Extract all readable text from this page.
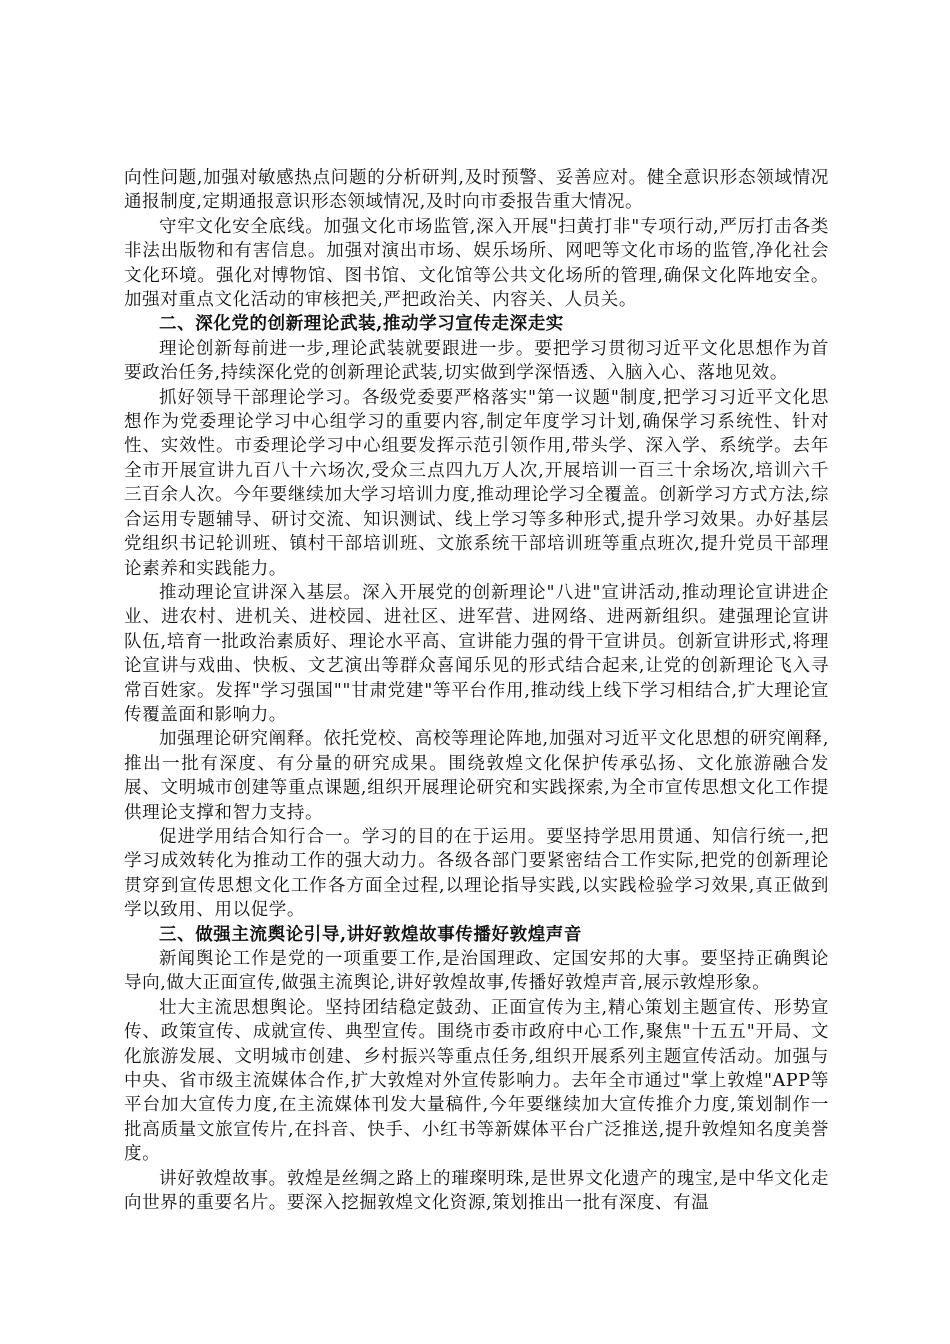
向性问题,加强对敏感热点问题的分析研判,及时预警、妥善应对。健全意识形态领域情况通报制度,定期通报意识形态领域情况,及时向市委报告重大情况。

守牢文化安全底线。加强文化市场监管,深入开展"扫黄打非"专项行动,严厉打击各类非法出版物和有害信息。加强对演出市场、娱乐场所、网吧等文化市场的监管,净化社会文化环境。强化对博物馆、图书馆、文化馆等公共文化场所的管理,确保文化阵地安全。加强对重点文化活动的审核把关,严把政治关、内容关、人员关。

二、深化党的创新理论武装,推动学习宣传走深走实

理论创新每前进一步,理论武装就要跟进一步。要把学习贯彻习近平文化思想作为首要政治任务,持续深化党的创新理论武装,切实做到学深悟透、入脑入心、落地见效。

抓好领导干部理论学习。各级党委要严格落实"第一议题"制度,把学习习近平文化思想作为党委理论学习中心组学习的重要内容,制定年度学习计划,确保学习系统性、针对性、实效性。市委理论学习中心组要发挥示范引领作用,带头学、深入学、系统学。去年全市开展宣讲九百八十六场次,受众三点四九万人次,开展培训一百三十余场次,培训六千三百余人次。今年要继续加大学习培训力度,推动理论学习全覆盖。创新学习方式方法,综合运用专题辅导、研讨交流、知识测试、线上学习等多种形式,提升学习效果。办好基层党组织书记轮训班、镇村干部培训班、文旅系统干部培训班等重点班次,提升党员干部理论素养和实践能力。

推动理论宣讲深入基层。深入开展党的创新理论"八进"宣讲活动,推动理论宣讲进企业、进农村、进机关、进校园、进社区、进军营、进网络、进两新组织。建强理论宣讲队伍,培育一批政治素质好、理论水平高、宣讲能力强的骨干宣讲员。创新宣讲形式,将理论宣讲与戏曲、快板、文艺演出等群众喜闻乐见的形式结合起来,让党的创新理论飞入寻常百姓家。发挥"学习强国""甘肃党建"等平台作用,推动线上线下学习相结合,扩大理论宣传覆盖面和影响力。

加强理论研究阐释。依托党校、高校等理论阵地,加强对习近平文化思想的研究阐释,推出一批有深度、有分量的研究成果。围绕敦煌文化保护传承弘扬、文化旅游融合发展、文明城市创建等重点课题,组织开展理论研究和实践探索,为全市宣传思想文化工作提供理论支撑和智力支持。

促进学用结合知行合一。学习的目的在于运用。要坚持学思用贯通、知信行统一,把学习成效转化为推动工作的强大动力。各级各部门要紧密结合工作实际,把党的创新理论贯穿到宣传思想文化工作各方面全过程,以理论指导实践,以实践检验学习效果,真正做到学以致用、用以促学。

三、做强主流舆论引导,讲好敦煌故事传播好敦煌声音

新闻舆论工作是党的一项重要工作,是治国理政、定国安邦的大事。要坚持正确舆论导向,做大正面宣传,做强主流舆论,讲好敦煌故事,传播好敦煌声音,展示敦煌形象。

壮大主流思想舆论。坚持团结稳定鼓劲、正面宣传为主,精心策划主题宣传、形势宣传、政策宣传、成就宣传、典型宣传。围绕市委市政府中心工作,聚焦"十五五"开局、文化旅游发展、文明城市创建、乡村振兴等重点任务,组织开展系列主题宣传活动。加强与中央、省市级主流媒体合作,扩大敦煌对外宣传影响力。去年全市通过"掌上敦煌"APP等平台加大宣传力度,在主流媒体刊发大量稿件,今年要继续加大宣传推介力度,策划制作一批高质量文旅宣传片,在抖音、快手、小红书等新媒体平台广泛推送,提升敦煌知名度美誉度。

讲好敦煌故事。敦煌是丝绸之路上的璀璨明珠,是世界文化遗产的瑰宝,是中华文化走向世界的重要名片。要深入挖掘敦煌文化资源,策划推出一批有深度、有温
